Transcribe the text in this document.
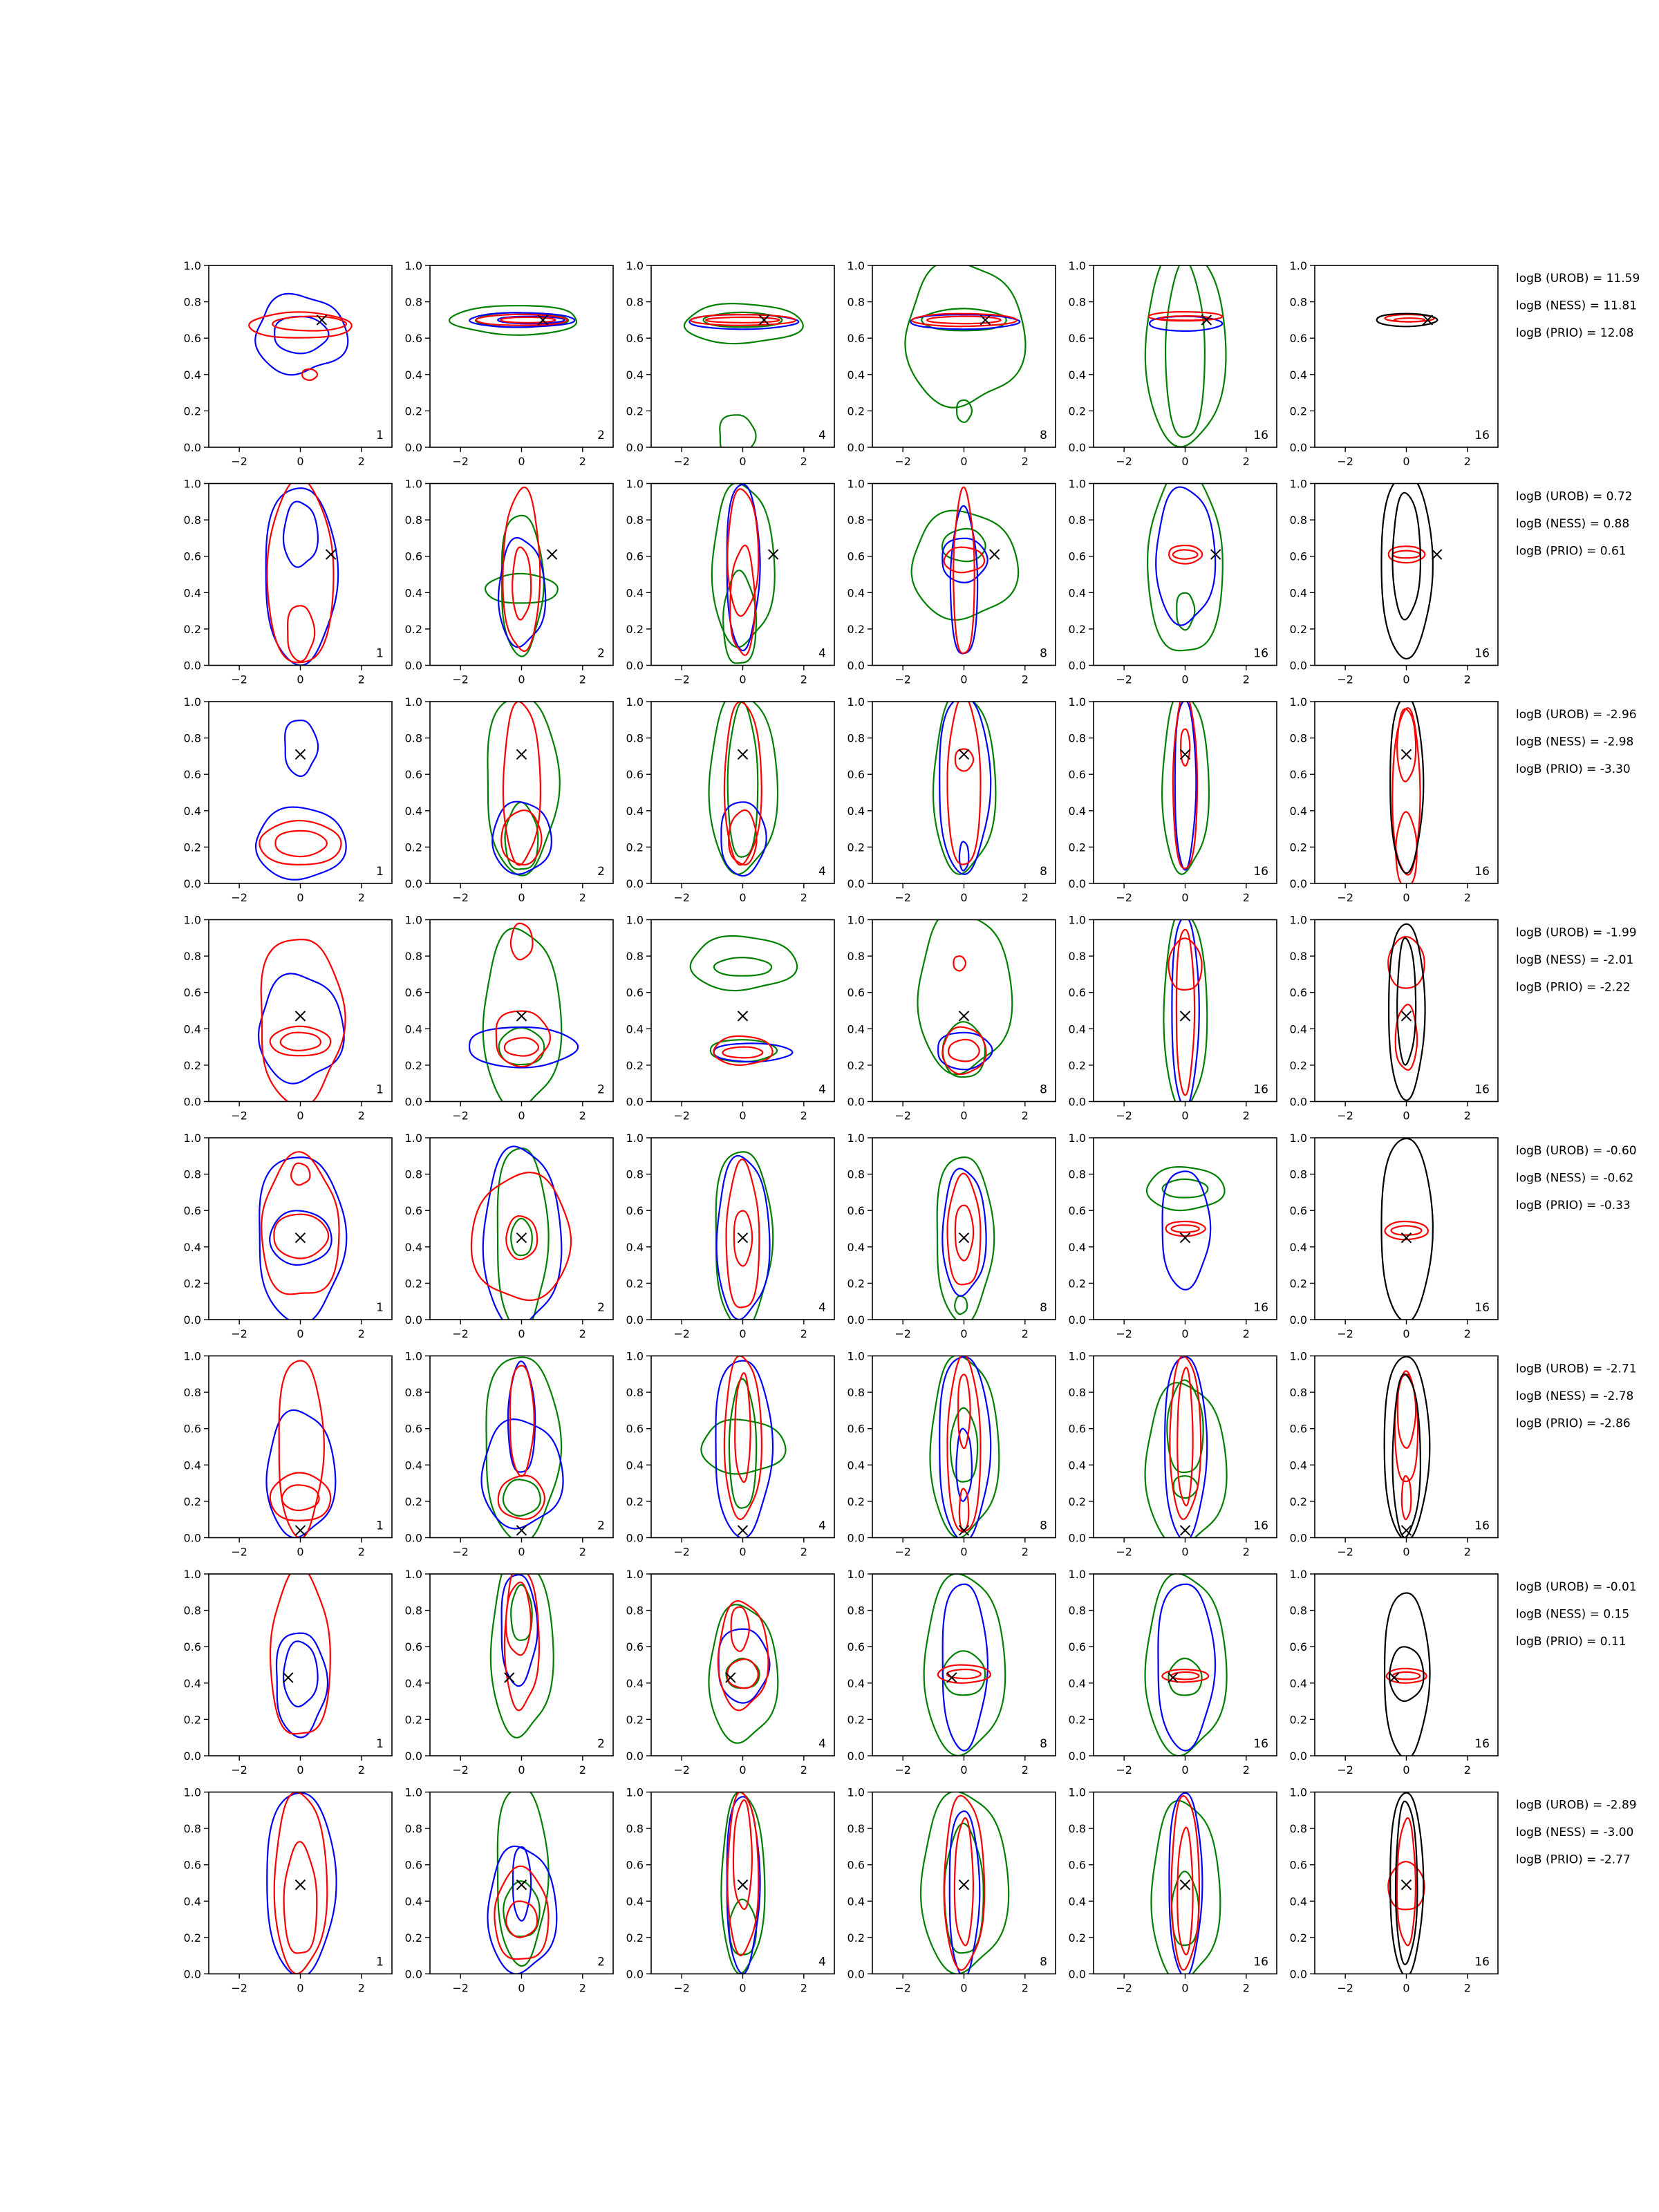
−2	0	2
0.0
0.2
0.4
0.6
0.8
1.0
1
−2	0	2
0.0
0.2
0.4
0.6
0.8
1.0
2
−2	0	2
0.0
0.2
0.4
0.6
0.8
1.0
4
−2	0	2
0.0
0.2
0.4
0.6
0.8
1.0
8
−2	0	2
0.0
0.2
0.4
0.6
0.8
1.0
16
−2	0	2
0.0
0.2
0.4
0.6
0.8
1.0
16
logB (UROB) = 11.59
logB (NESS) = 11.81
logB (PRIO) = 12.08
−2	0	2
0.0
0.2
0.4
0.6
0.8
1.0
1
−2	0	2
0.0
0.2
0.4
0.6
0.8
1.0
2
−2	0	2
0.0
0.2
0.4
0.6
0.8
1.0
4
−2	0	2
0.0
0.2
0.4
0.6
0.8
1.0
8
−2	0	2
0.0
0.2
0.4
0.6
0.8
1.0
16
−2	0	2
0.0
0.2
0.4
0.6
0.8
1.0
16
logB (UROB) = 0.72
logB (NESS) = 0.88
logB (PRIO) = 0.61
−2	0	2
0.0
0.2
0.4
0.6
0.8
1.0
1
−2	0	2
0.0
0.2
0.4
0.6
0.8
1.0
2
−2	0	2
0.0
0.2
0.4
0.6
0.8
1.0
4
−2	0	2
0.0
0.2
0.4
0.6
0.8
1.0
8
−2	0	2
0.0
0.2
0.4
0.6
0.8
1.0
16
−2	0	2
0.0
0.2
0.4
0.6
0.8
1.0
16
logB (UROB) = -2.96
logB (NESS) = -2.98
logB (PRIO) = -3.30
−2	0	2
0.0
0.2
0.4
0.6
0.8
1.0
1
−2	0	2
0.0
0.2
0.4
0.6
0.8
1.0
2
−2	0	2
0.0
0.2
0.4
0.6
0.8
1.0
4
−2	0	2
0.0
0.2
0.4
0.6
0.8
1.0
8
−2	0	2
0.0
0.2
0.4
0.6
0.8
1.0
16
−2	0	2
0.0
0.2
0.4
0.6
0.8
1.0
16
logB (UROB) = -1.99
logB (NESS) = -2.01
logB (PRIO) = -2.22
−2	0	2
0.0
0.2
0.4
0.6
0.8
1.0
1
−2	0	2
0.0
0.2
0.4
0.6
0.8
1.0
2
−2	0	2
0.0
0.2
0.4
0.6
0.8
1.0
4
−2	0	2
0.0
0.2
0.4
0.6
0.8
1.0
8
−2	0	2
0.0
0.2
0.4
0.6
0.8
1.0
16
−2	0	2
0.0
0.2
0.4
0.6
0.8
1.0
16
logB (UROB) = -0.60
logB (NESS) = -0.62
logB (PRIO) = -0.33
−2	0	2
0.0
0.2
0.4
0.6
0.8
1.0
1
−2	0	2
0.0
0.2
0.4
0.6
0.8
1.0
2
−2	0	2
0.0
0.2
0.4
0.6
0.8
1.0
4
−2	0	2
0.0
0.2
0.4
0.6
0.8
1.0
8
−2	0	2
0.0
0.2
0.4
0.6
0.8
1.0
16
−2	0	2
0.0
0.2
0.4
0.6
0.8
1.0
16
logB (UROB) = -2.71
logB (NESS) = -2.78
logB (PRIO) = -2.86
−2	0	2
0.0
0.2
0.4
0.6
0.8
1.0
1
−2	0	2
0.0
0.2
0.4
0.6
0.8
1.0
2
−2	0	2
0.0
0.2
0.4
0.6
0.8
1.0
4
−2	0	2
0.0
0.2
0.4
0.6
0.8
1.0
8
−2	0	2
0.0
0.2
0.4
0.6
0.8
1.0
16
−2	0	2
0.0
0.2
0.4
0.6
0.8
1.0
16
logB (UROB) = -0.01
logB (NESS) = 0.15
logB (PRIO) = 0.11
−2	0	2
0.0
0.2
0.4
0.6
0.8
1.0
1
−2	0	2
0.0
0.2
0.4
0.6
0.8
1.0
2
−2	0	2
0.0
0.2
0.4
0.6
0.8
1.0
4
−2	0	2
0.0
0.2
0.4
0.6
0.8
1.0
8
−2	0	2
0.0
0.2
0.4
0.6
0.8
1.0
16
−2	0	2
0.0
0.2
0.4
0.6
0.8
1.0
16
logB (UROB) = -2.89
logB (NESS) = -3.00
logB (PRIO) = -2.77
